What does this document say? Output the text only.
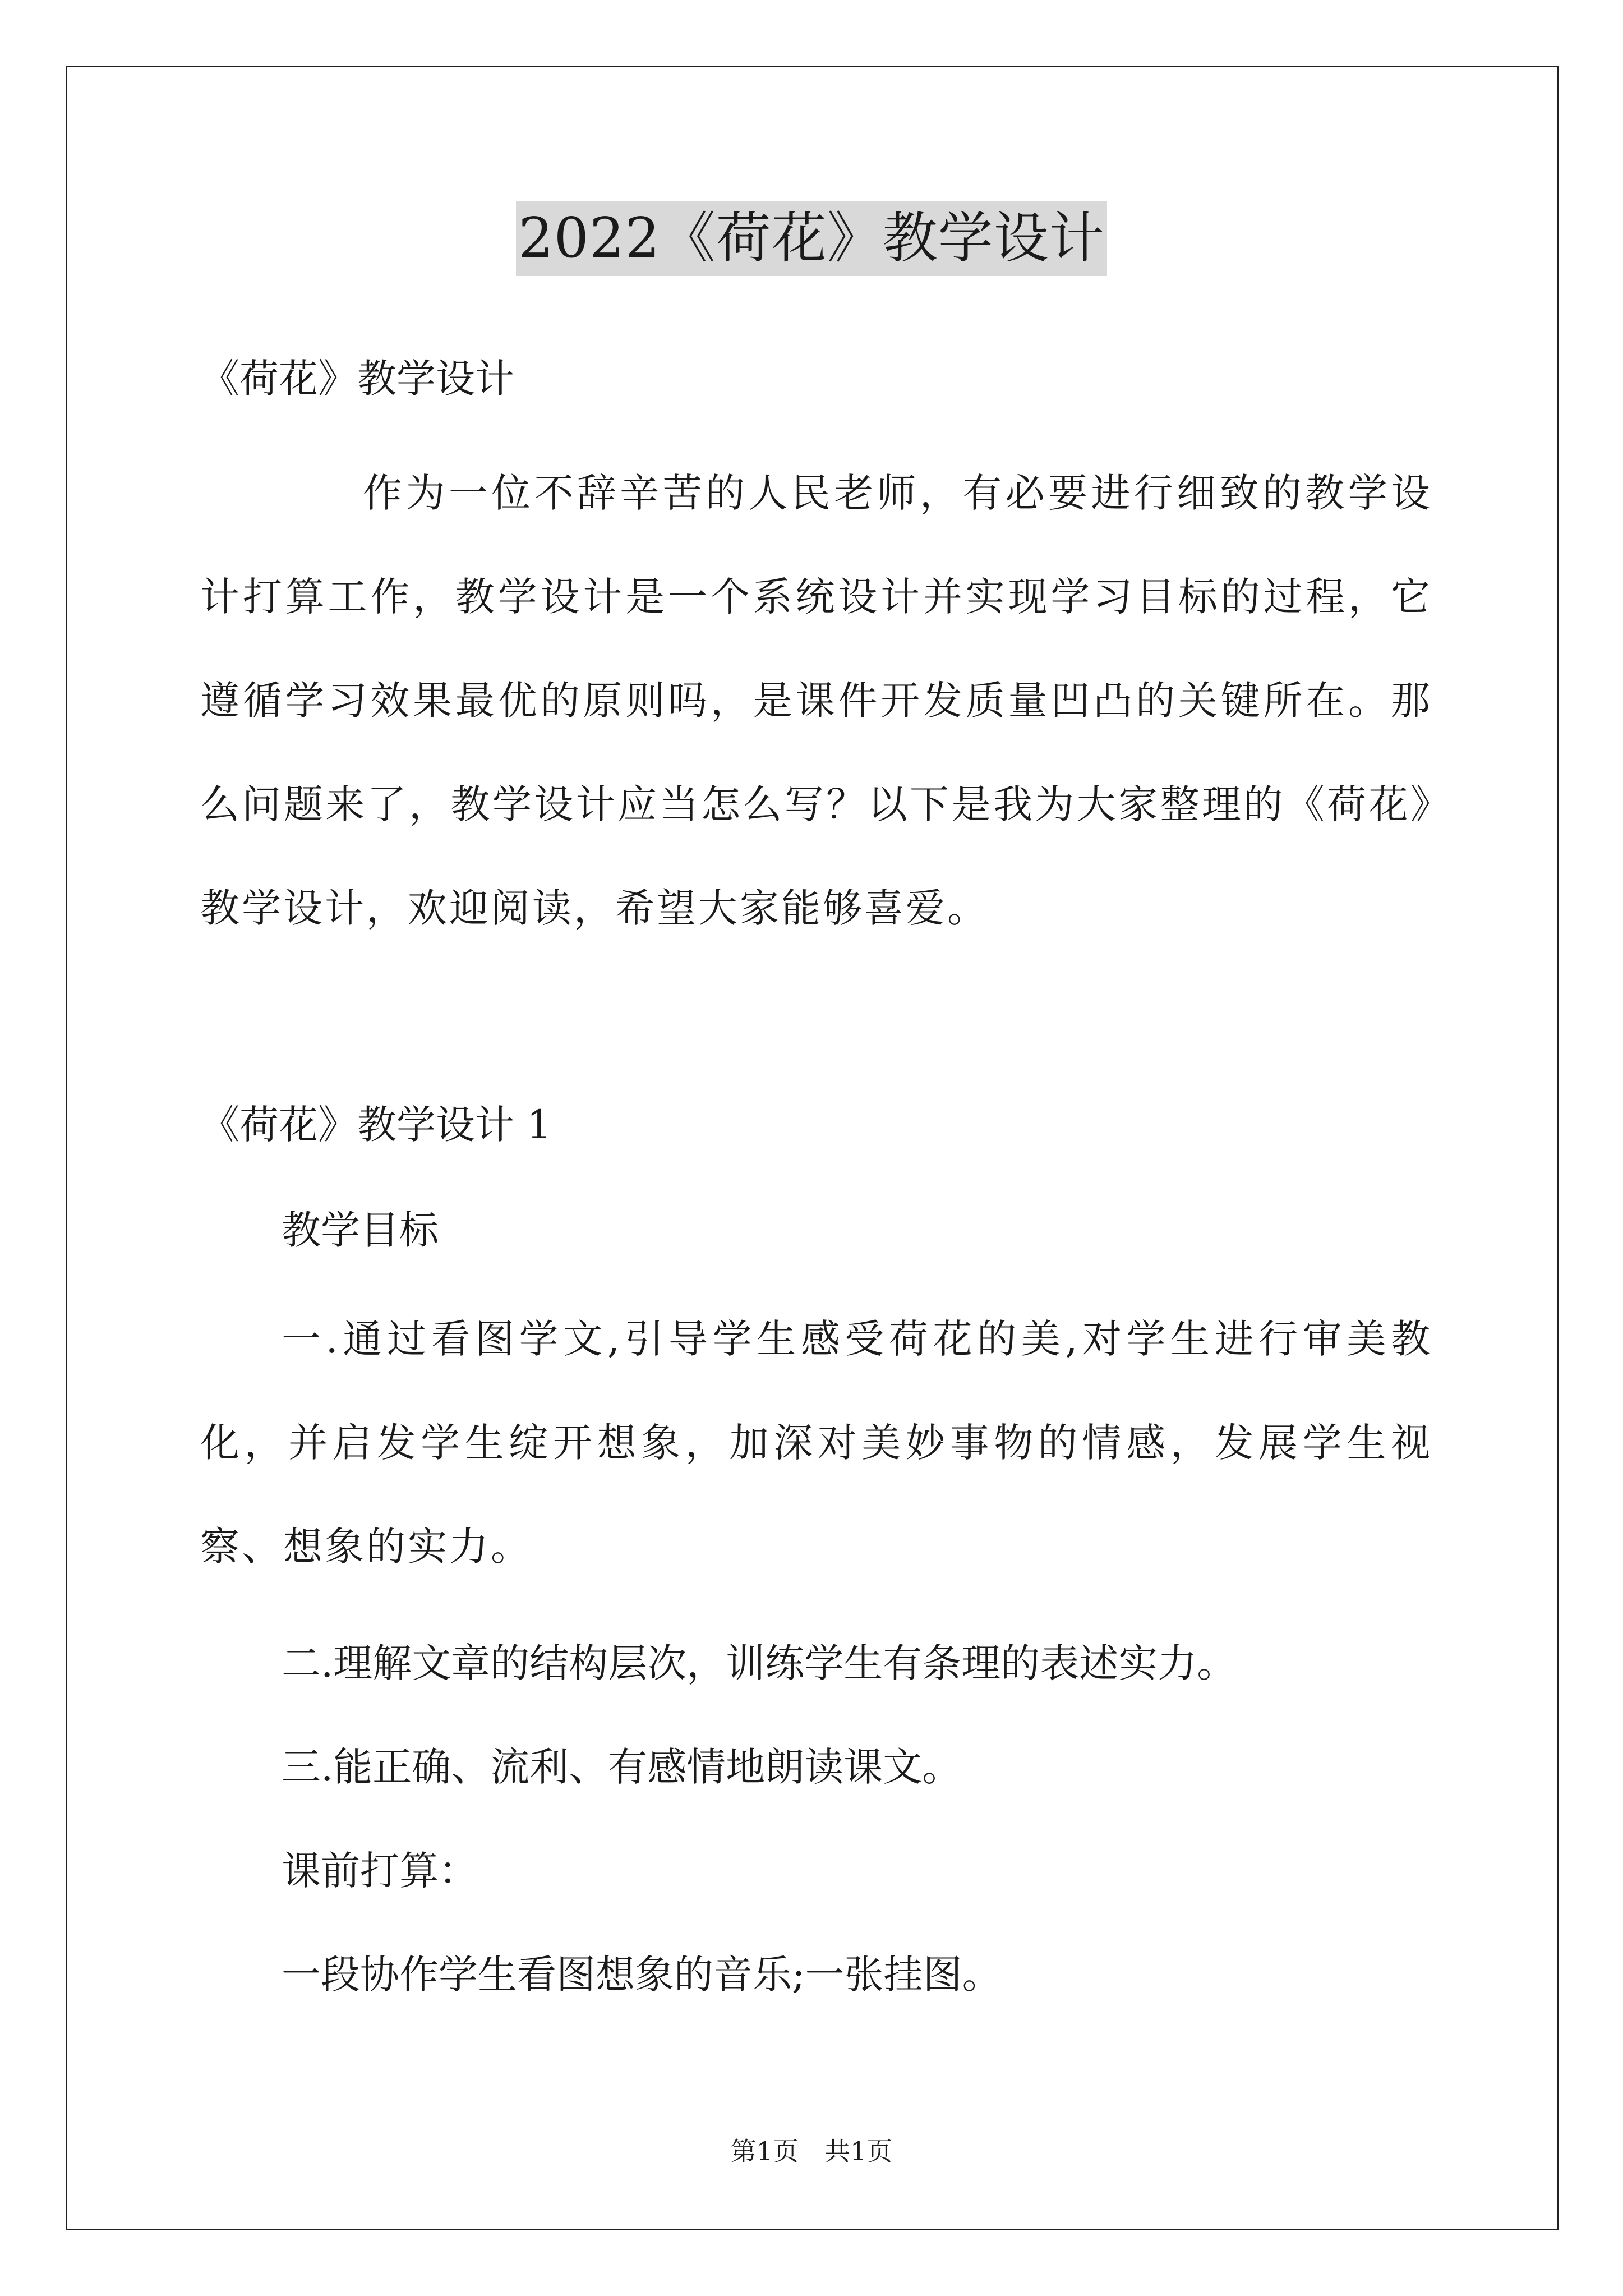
2022《荷花》教学设计
《荷花》教学设计
作为一位不辞辛苦的人民老师，有必要进行细致的教学设计打算工作，教学设计是一个系统设计并实现学习目标的过程，它遵循学习效果最优的原则吗，是课件开发质量凹凸的关键所在。那么问题来了，教学设计应当怎么写？以下是我为大家整理的《荷花》教学设计，欢迎阅读，希望大家能够喜爱。
《荷花》教学设计 1
教学目标
一.通过看图学文,引导学生感受荷花的美,对学生进行审美教化，并启发学生绽开想象，加深对美妙事物的情感，发展学生视察、想象的实力。
二.理解文章的结构层次，训练学生有条理的表述实力。
三.能正确、流利、有感情地朗读课文。
课前打算：
一段协作学生看图想象的音乐;一张挂图。
第1页　共1页
